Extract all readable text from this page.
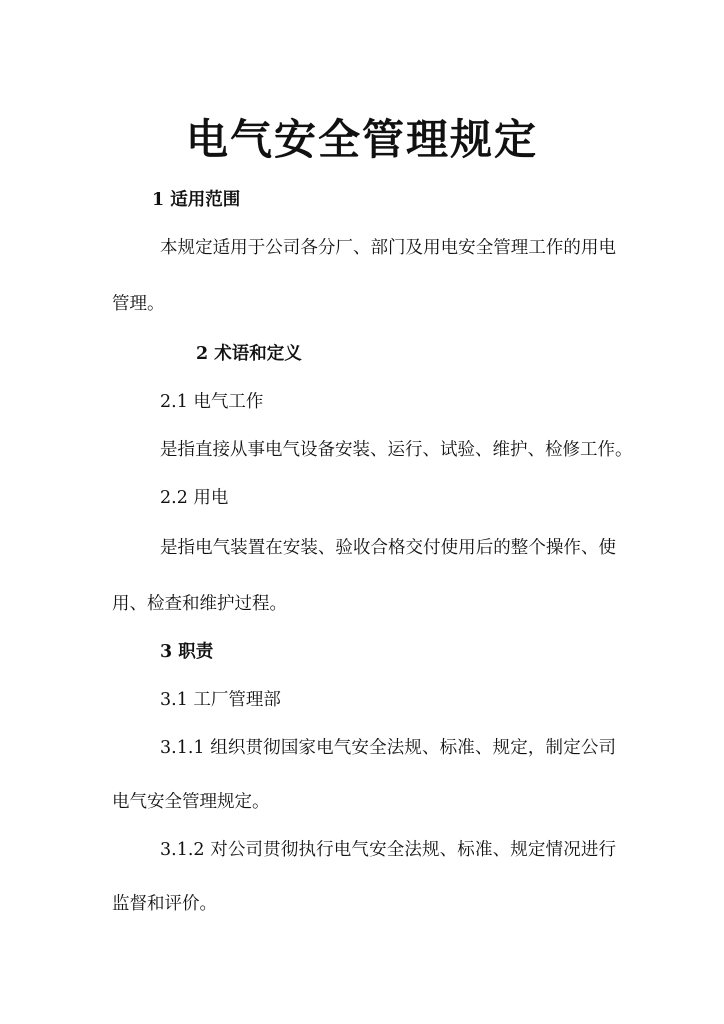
电气安全管理规定

1 适用范围

本规定适用于公司各分厂、部门及用电安全管理工作的用电

管理。

2 术语和定义

2.1 电气工作

是指直接从事电气设备安装、运行、试验、维护、检修工作。

2.2 用电

是指电气装置在安装、验收合格交付使用后的整个操作、使

用、检查和维护过程。

3 职责

3.1 工厂管理部

3.1.1 组织贯彻国家电气安全法规、标准、规定，制定公司

电气安全管理规定。

3.1.2 对公司贯彻执行电气安全法规、标准、规定情况进行

监督和评价。
